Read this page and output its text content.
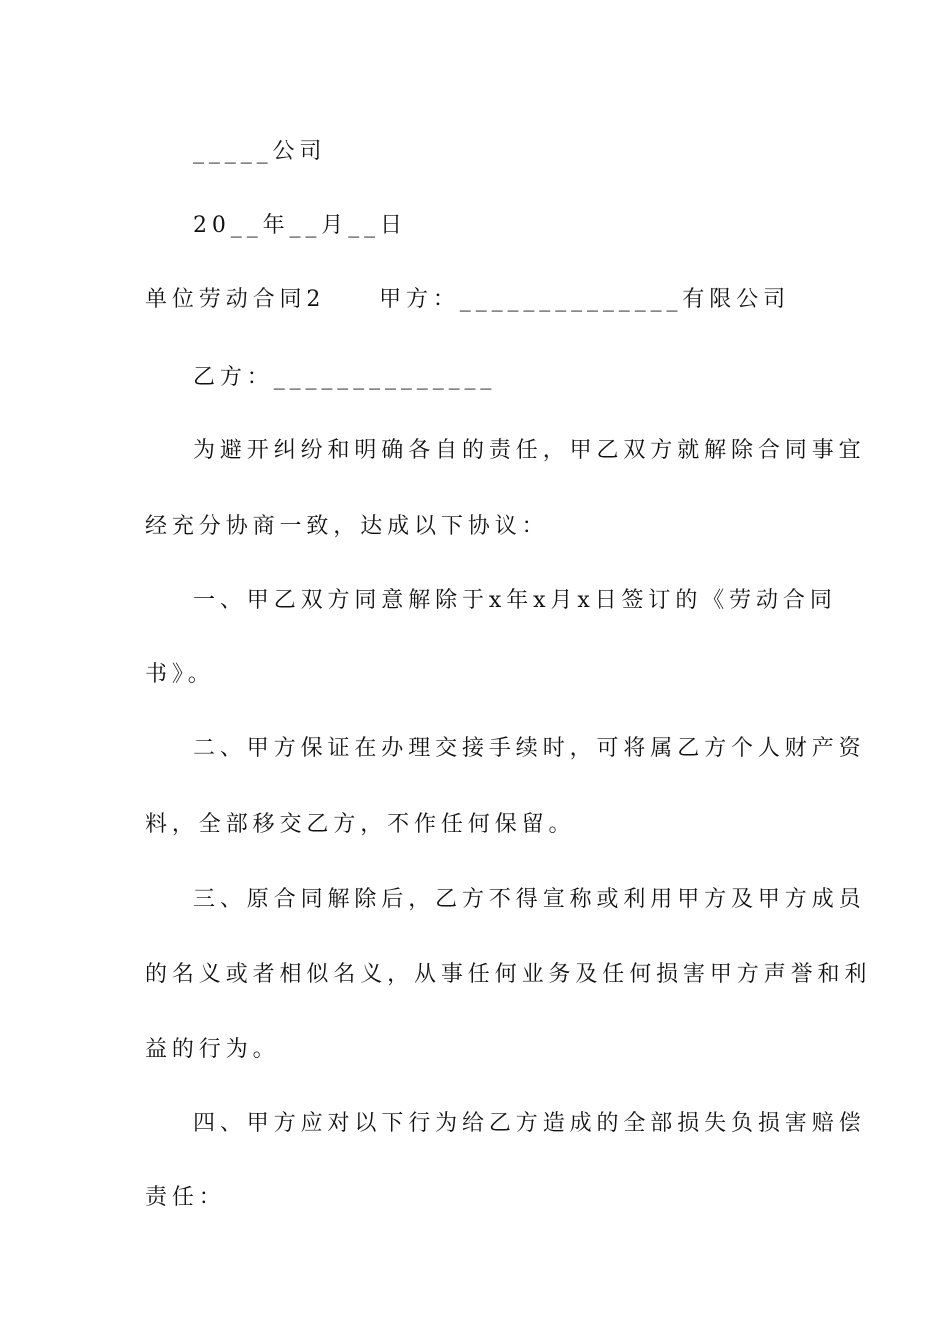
_____公司
20__年__月__日
单位劳动合同2　　甲方：______________有限公司
乙方：______________
为避开纠纷和明确各自的责任，甲乙双方就解除合同事宜
经充分协商一致，达成以下协议：
一、甲乙双方同意解除于x年x月x日签订的《劳动合同
书》。
二、甲方保证在办理交接手续时，可将属乙方个人财产资
料，全部移交乙方，不作任何保留。
三、原合同解除后，乙方不得宣称或利用甲方及甲方成员
的名义或者相似名义，从事任何业务及任何损害甲方声誉和利
益的行为。
四、甲方应对以下行为给乙方造成的全部损失负损害赔偿
责任：
